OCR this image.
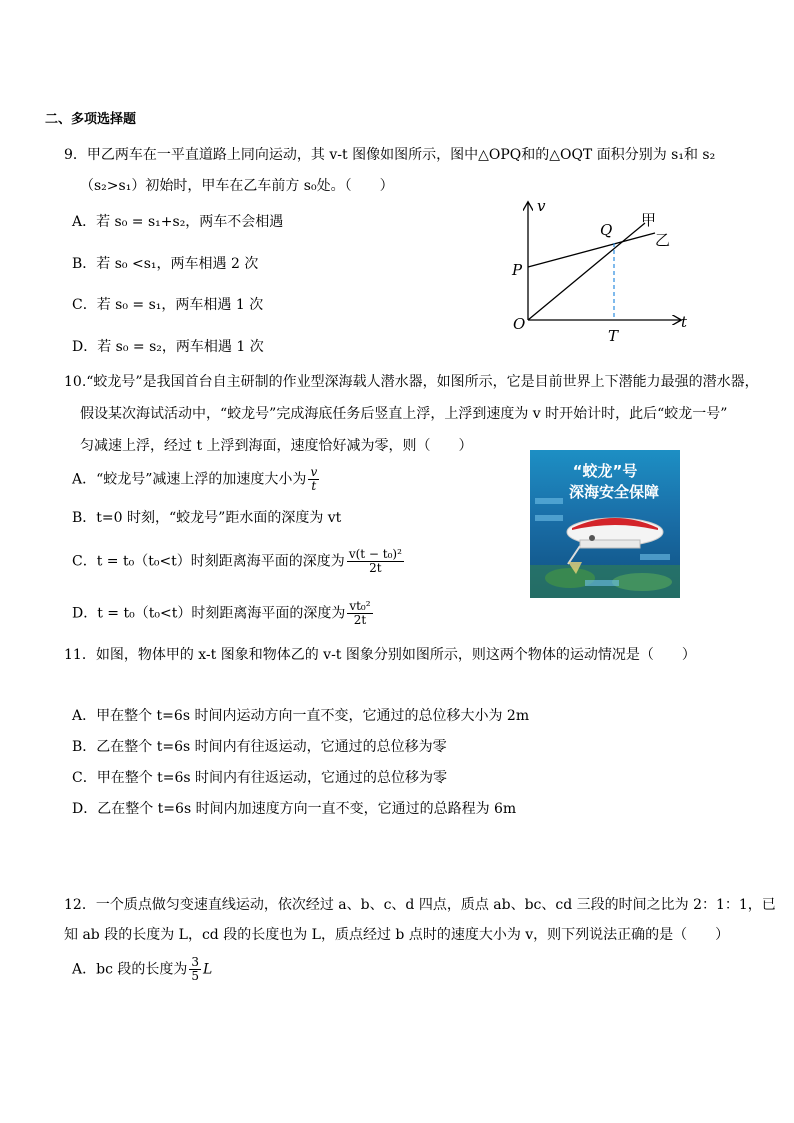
二、多项选择题
9．甲乙两车在一平直道路上同向运动，其 v-t 图像如图所示，图中△OPQ和的△OQT 面积分别为 s₁和 s₂
（s₂>s₁）初始时，甲车在乙车前方 s₀处。（　　）
A．若 s₀ = s₁+s₂，两车不会相遇
B．若 s₀ <s₁，两车相遇 2 次
C．若 s₀ = s₁，两车相遇 1 次
D．若 s₀ = s₂，两车相遇 1 次
v
t
O
P
Q
T
甲
乙
10.“蛟龙号”是我国首台自主研制的作业型深海载人潜水器，如图所示，它是目前世界上下潜能力最强的潜水器，
假设某次海试活动中，“蛟龙号”完成海底任务后竖直上浮，上浮到速度为 v 时开始计时，此后“蛟龙一号”
匀减速上浮，经过 t 上浮到海面，速度恰好减为零，则（　　）
A．“蛟龙号”减速上浮的加速度大小为 $\frac{v}{t}$
B．t=0 时刻，“蛟龙号”距水面的深度为 vt
C．t = t₀（t₀<t）时刻距离海平面的深度为 $\frac{\text{v(t − t₀)²}}{2t}$
D．t = t₀（t₀<t）时刻距离海平面的深度为 $\frac{\text{vt₀²}}{2t}$
“蛟龙”号
深海安全保障
11．如图，物体甲的 x-t 图象和物体乙的 v-t 图象分别如图所示，则这两个物体的运动情况是（　　）
A．甲在整个 t=6s 时间内运动方向一直不变，它通过的总位移大小为 2m
B．乙在整个 t=6s 时间内有往返运动，它通过的总位移为零
C．甲在整个 t=6s 时间内有往返运动，它通过的总位移为零
D．乙在整个 t=6s 时间内加速度方向一直不变，它通过的总路程为 6m
12．一个质点做匀变速直线运动，依次经过 a、b、c、d 四点，质点 ab、bc、cd 三段的时间之比为 2：1：1，已
知 ab 段的长度为 L，cd 段的长度也为 L，质点经过 b 点时的速度大小为 v，则下列说法正确的是（　　）
A．bc 段的长度为 $\frac{3}{5}$ L
